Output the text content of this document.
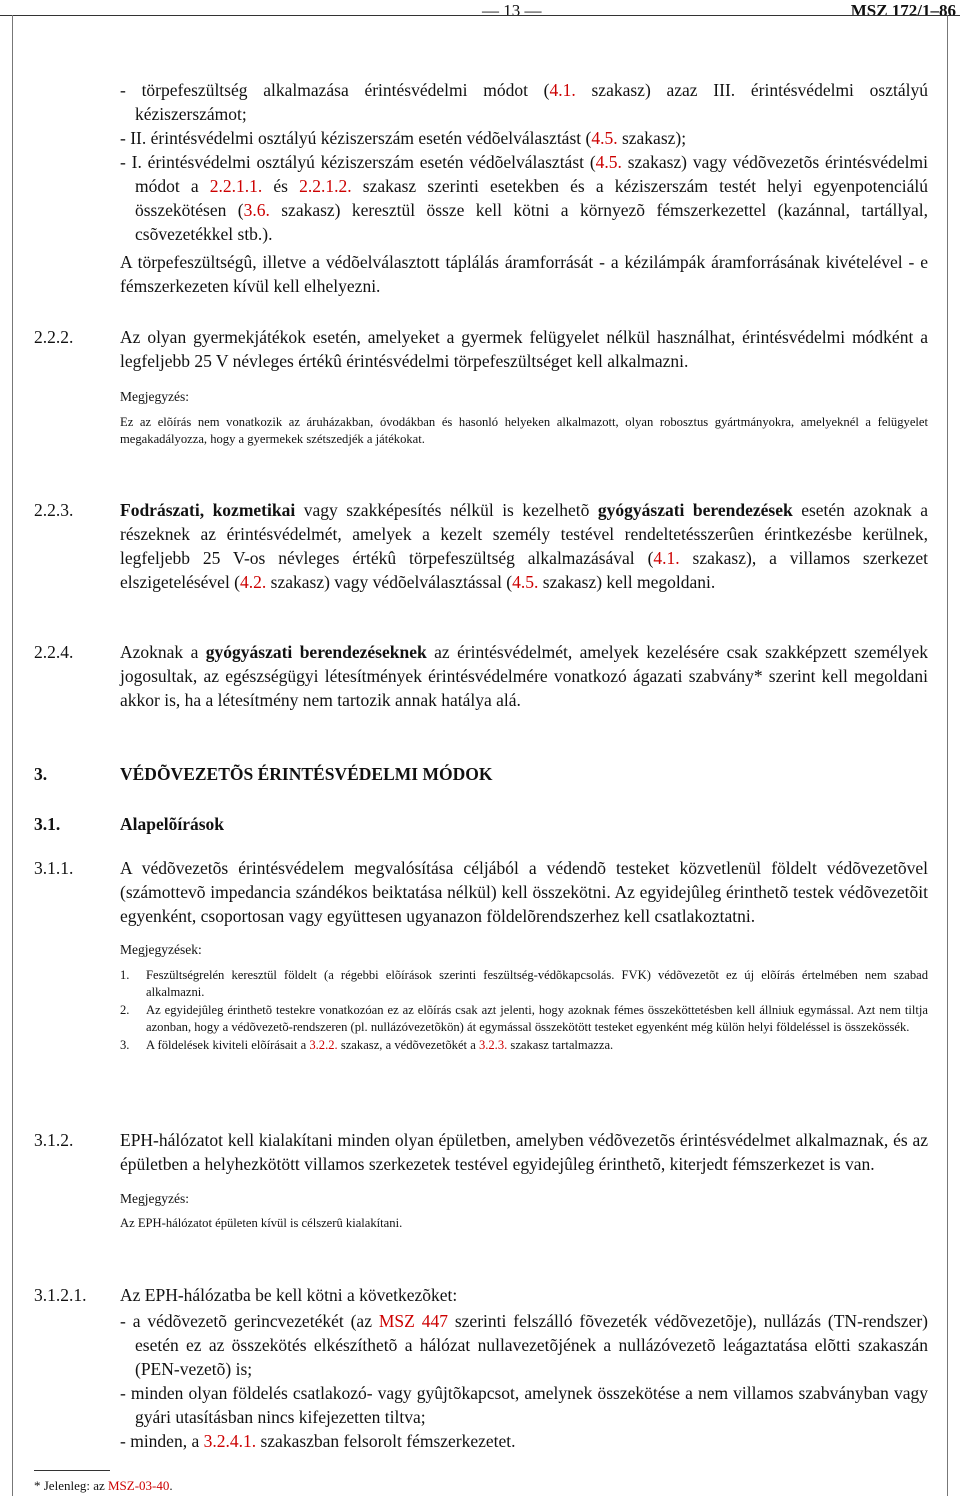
— 13 —	MSZ 172/1–86
- törpefeszültség alkalmazása érintésvédelmi módot (4.1. szakasz) azaz III. érintésvédelmi osztályú kéziszerszámot;
- II. érintésvédelmi osztályú kéziszerszám esetén védõelválasztást (4.5. szakasz);
- I. érintésvédelmi osztályú kéziszerszám esetén védõelválasztást (4.5. szakasz) vagy védõvezetõs érintésvédelmi módot a 2.2.1.1. és 2.2.1.2. szakasz szerinti esetekben és a kéziszerszám testét helyi egyenpotenciálú összekötésen (3.6. szakasz) keresztül össze kell kötni a környezõ fémszerkezettel (kazánnal, tartállyal, csõvezetékkel stb.).
A törpefeszültségû, illetve a védõelválasztott táplálás áramforrását - a kézilámpák áramforrásának kivételével - e fémszerkezeten kívül kell elhelyezni.
2.2.2.	Az olyan gyermekjátékok esetén, amelyeket a gyermek felügyelet nélkül használhat, érintésvédelmi módként a legfeljebb 25 V névleges értékû érintésvédelmi törpefeszültséget kell alkalmazni.
Megjegyzés:
Ez az elõírás nem vonatkozik az áruházakban, óvodákban és hasonló helyeken alkalmazott, olyan robosztus gyártmányokra, amelyeknél a felügyelet megakadályozza, hogy a gyermekek szétszedjék a játékokat.
2.2.3.	Fodrászati, kozmetikai vagy szakképesítés nélkül is kezelhetõ gyógyászati berendezések esetén azoknak a részeknek az érintésvédelmét, amelyek a kezelt személy testével rendeltetésszerûen érintkezésbe kerülnek, legfeljebb 25 V-os névleges értékû törpefeszültség alkalmazásával (4.1. szakasz), a villamos szerkezet elszigetelésével (4.2. szakasz) vagy védõelválasztással (4.5. szakasz) kell megoldani.
2.2.4.	Azoknak a gyógyászati berendezéseknek az érintésvédelmét, amelyek kezelésére csak szakképzett személyek jogosultak, az egészségügyi létesítmények érintésvédelmére vonatkozó ágazati szabvány* szerint kell megoldani akkor is, ha a létesítmény nem tartozik annak hatálya alá.
3.	VÉDÕVEZETÕS ÉRINTÉSVÉDELMI MÓDOK
3.1.	Alapelõírások
3.1.1.	A védõvezetõs érintésvédelem megvalósítása céljából a védendõ testeket közvetlenül földelt védõvezetõvel (számottevõ impedancia szándékos beiktatása nélkül) kell összekötni. Az egyidejûleg érinthetõ testek védõvezetõit egyenként, csoportosan vagy együttesen ugyanazon földelõrendszerhez kell csatlakoztatni.
Megjegyzések:
1. Feszültségrelén keresztül földelt (a régebbi elõírások szerinti feszültség-védõkapcsolás. FVK) védõvezetõt ez új elõírás értelmében nem szabad alkalmazni.
2. Az egyidejûleg érinthetõ testekre vonatkozóan ez az elõírás csak azt jelenti, hogy azoknak fémes összeköttetésben kell állniuk egymással. Azt nem tiltja azonban, hogy a védõvezetõ-rendszeren (pl. nullázóvezetõkön) át egymással összekötött testeket egyenként még külön helyi földeléssel is összekössék.
3. A földelések kiviteli elõírásait a 3.2.2. szakasz, a védõvezetõkét a 3.2.3. szakasz tartalmazza.
3.1.2.	EPH-hálózatot kell kialakítani minden olyan épületben, amelyben védõvezetõs érintésvédelmet alkalmaznak, és az épületben a helyhezkötött villamos szerkezetek testével egyidejûleg érinthetõ, kiterjedt fémszerkezet is van.
Megjegyzés:
Az EPH-hálózatot épületen kívül is célszerû kialakítani.
3.1.2.1. Az EPH-hálózatba be kell kötni a következõket:
- a védõvezetõ gerincvezetékét (az MSZ 447 szerinti felszálló fõvezeték védõvezetõje), nullázás (TN-rendszer) esetén ez az összekötés elkészíthetõ a hálózat nullavezetõjének a nullázóvezetõ leágaztatása elõtti szakaszán (PEN-vezetõ) is;
- minden olyan földelés csatlakozó- vagy gyûjtõkapcsot, amelynek összekötése a nem villamos szabványban vagy gyári utasításban nincs kifejezetten tiltva;
- minden, a 3.2.4.1. szakaszban felsorolt fémszerkezetet.
* Jelenleg: az MSZ-03-40.
